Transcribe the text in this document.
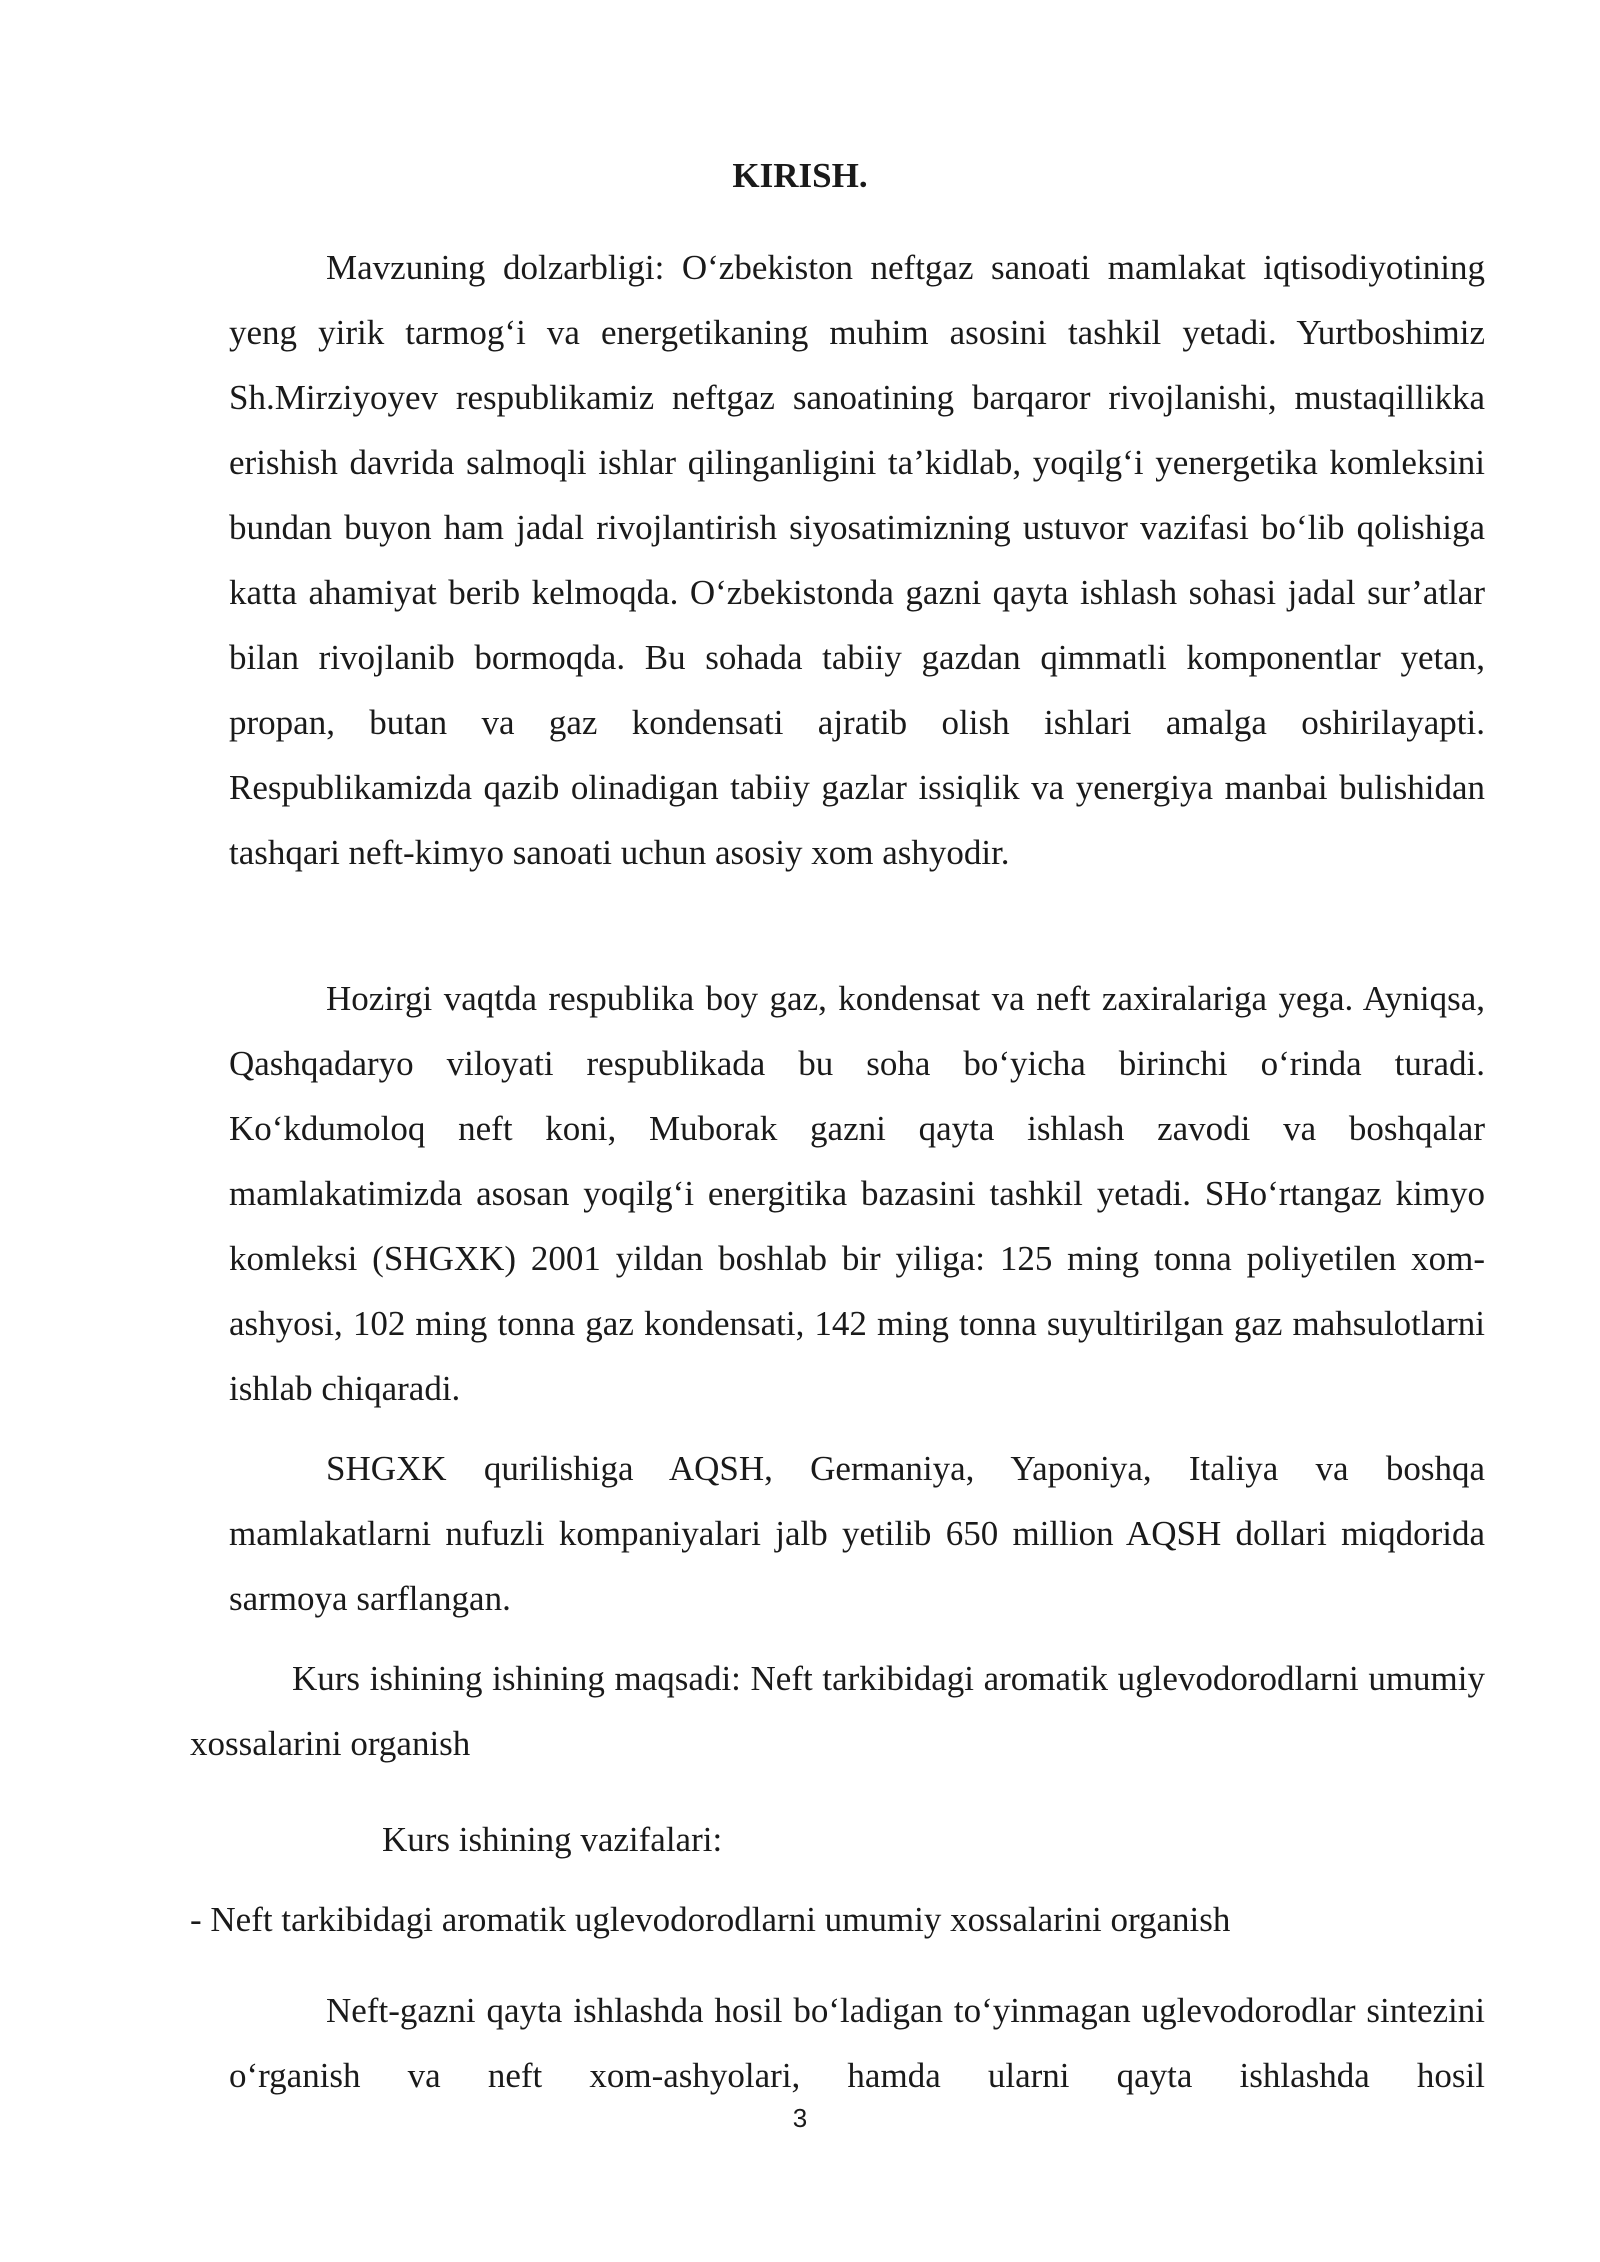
KIRISH.

Mavzuning dolzarbligi: O‘zbekiston neftgaz sanoati mamlakat iqtisodiyotining yeng yirik tarmog‘i va energetikaning muhim asosini tashkil yetadi. Yurtboshimiz Sh.Mirziyoyev respublikamiz neftgaz sanoatining barqaror rivojlanishi, mustaqillikka erishish davrida salmoqli ishlar qilinganligini ta’kidlab, yoqilg‘i yenergetika komleksini bundan buyon ham jadal rivojlantirish siyosatimizning ustuvor vazifasi bo‘lib qolishiga katta ahamiyat berib kelmoqda. O‘zbekistonda gazni qayta ishlash sohasi jadal sur’atlar bilan rivojlanib bormoqda. Bu sohada tabiiy gazdan qimmatli komponentlar yetan, propan, butan va gaz kondensati ajratib olish ishlari amalga oshirilayapti. Respublikamizda qazib olinadigan tabiiy gazlar issiqlik va yenergiya manbai bulishidan tashqari neft-kimyo sanoati uchun asosiy xom ashyodir.

Hozirgi vaqtda respublika boy gaz, kondensat va neft zaxiralariga yega. Ayniqsa, Qashqadaryo viloyati respublikada bu soha bo‘yicha birinchi o‘rinda turadi. Ko‘kdumoloq neft koni, Muborak gazni qayta ishlash zavodi va boshqalar mamlakatimizda asosan yoqilg‘i energitika bazasini tashkil yetadi. SHo‘rtangaz kimyo komleksi (SHGXK) 2001 yildan boshlab bir yiliga: 125 ming tonna poliyetilen xom-ashyosi, 102 ming tonna gaz kondensati, 142 ming tonna suyultirilgan gaz mahsulotlarni ishlab chiqaradi.

SHGXK qurilishiga AQSH, Germaniya, Yaponiya, Italiya va boshqa mamlakatlarni nufuzli kompaniyalari jalb yetilib 650 million AQSH dollari miqdorida sarmoya sarflangan.

Kurs ishining ishining maqsadi: Neft tarkibidagi aromatik uglevodorodlarni umumiy xossalarini organish

Kurs ishining vazifalari:

- Neft tarkibidagi aromatik uglevodorodlarni umumiy xossalarini organish

Neft-gazni qayta ishlashda hosil bo‘ladigan to‘yinmagan uglevodorodlar sintezini o‘rganish va neft xom-ashyolari, hamda ularni qayta ishlashda hosil

3
